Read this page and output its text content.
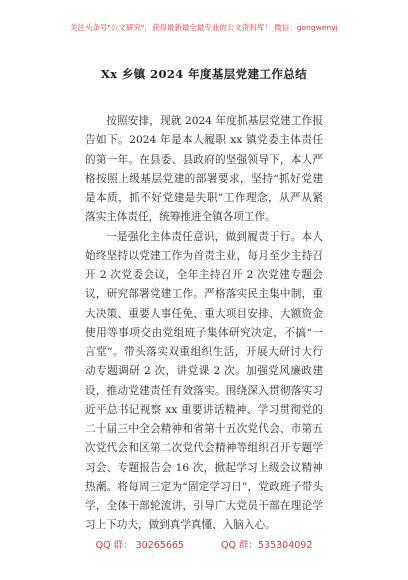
关注头条号"公文研究"，获得最新最全最专业的公文资料库！ 微信：gongwenyj
Xx 乡镇 2024 年度基层党建工作总结

按照安排，现就 2024 年度抓基层党建工作报告如下。2024 年是本人履职 xx 镇党委主体责任的第一年。在县委、县政府的坚强领导下，本人严格按照上级基层党建的部署要求，坚持“抓好党建是本质，抓不好党建是失职”工作理念，从严从紧落实主体责任，统筹推进全镇各项工作。

一是强化主体责任意识，做到履责于行。本人始终坚持以党建工作为首责主业，每月至少主持召开 2 次党委会议，全年主持召开 2 次党建专题会议，研究部署党建工作。严格落实民主集中制，重大决策、重要人事任免、重大项目安排、大额资金使用等事项交由党组班子集体研究决定，不搞“一言堂”。带头落实双重组织生活，开展大研讨大行动专题调研 2 次，讲党课 2 次。加强党风廉政建设，推动党建责任有效落实。围绕深入贯彻落实习近平总书记视察 xx 重要讲话精神、学习贯彻党的二十届三中全会精神和省第十五次党代会、市第五次党代会和区第二次党代会精神等组织召开专题学习会、专题报告会 16 次，掀起学习上级会议精神热潮。将每周三定为“固定学习日”，党政班子带头学，全体干部轮流讲，引导广大党员干部在理论学习上下功夫，做到真学真懂、入脑入心。

QQ 群： 30265665	QQ 群：535304092
